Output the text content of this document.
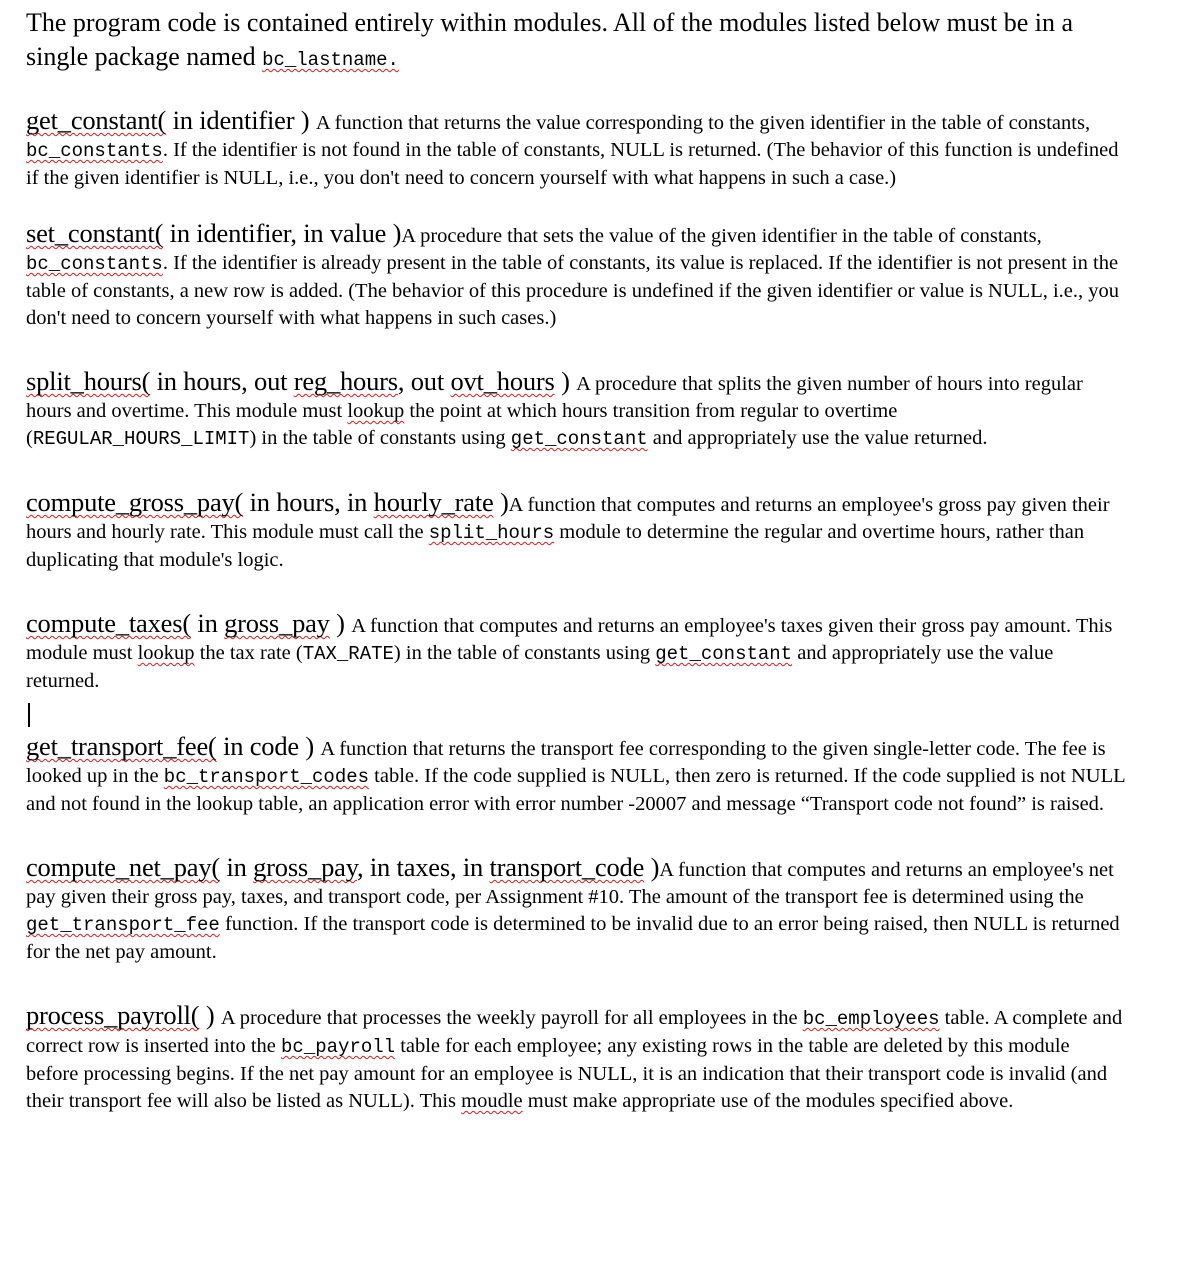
The program code is contained entirely within modules. All of the modules listed below must be in a single package named bc_lastname.

get_constant( in identifier ) A function that returns the value corresponding to the given identifier in the table of constants, bc_constants. If the identifier is not found in the table of constants, NULL is returned. (The behavior of this function is undefined if the given identifier is NULL, i.e., you don't need to concern yourself with what happens in such a case.)

set_constant( in identifier, in value )A procedure that sets the value of the given identifier in the table of constants, bc_constants. If the identifier is already present in the table of constants, its value is replaced. If the identifier is not present in the table of constants, a new row is added. (The behavior of this procedure is undefined if the given identifier or value is NULL, i.e., you don't need to concern yourself with what happens in such cases.)

split_hours( in hours, out reg_hours, out ovt_hours ) A procedure that splits the given number of hours into regular hours and overtime. This module must lookup the point at which hours transition from regular to overtime (REGULAR_HOURS_LIMIT) in the table of constants using get_constant and appropriately use the value returned.

compute_gross_pay( in hours, in hourly_rate )A function that computes and returns an employee's gross pay given their hours and hourly rate. This module must call the split_hours module to determine the regular and overtime hours, rather than duplicating that module's logic.

compute_taxes( in gross_pay ) A function that computes and returns an employee's taxes given their gross pay amount. This module must lookup the tax rate (TAX_RATE) in the table of constants using get_constant and appropriately use the value returned.

get_transport_fee( in code ) A function that returns the transport fee corresponding to the given single-letter code. The fee is looked up in the bc_transport_codes table. If the code supplied is NULL, then zero is returned. If the code supplied is not NULL and not found in the lookup table, an application error with error number -20007 and message “Transport code not found” is raised.

compute_net_pay( in gross_pay, in taxes, in transport_code )A function that computes and returns an employee's net pay given their gross pay, taxes, and transport code, per Assignment #10. The amount of the transport fee is determined using the get_transport_fee function. If the transport code is determined to be invalid due to an error being raised, then NULL is returned for the net pay amount.

process_payroll( ) A procedure that processes the weekly payroll for all employees in the bc_employees table. A complete and correct row is inserted into the bc_payroll table for each employee; any existing rows in the table are deleted by this module before processing begins. If the net pay amount for an employee is NULL, it is an indication that their transport code is invalid (and their transport fee will also be listed as NULL). This moudle must make appropriate use of the modules specified above.
